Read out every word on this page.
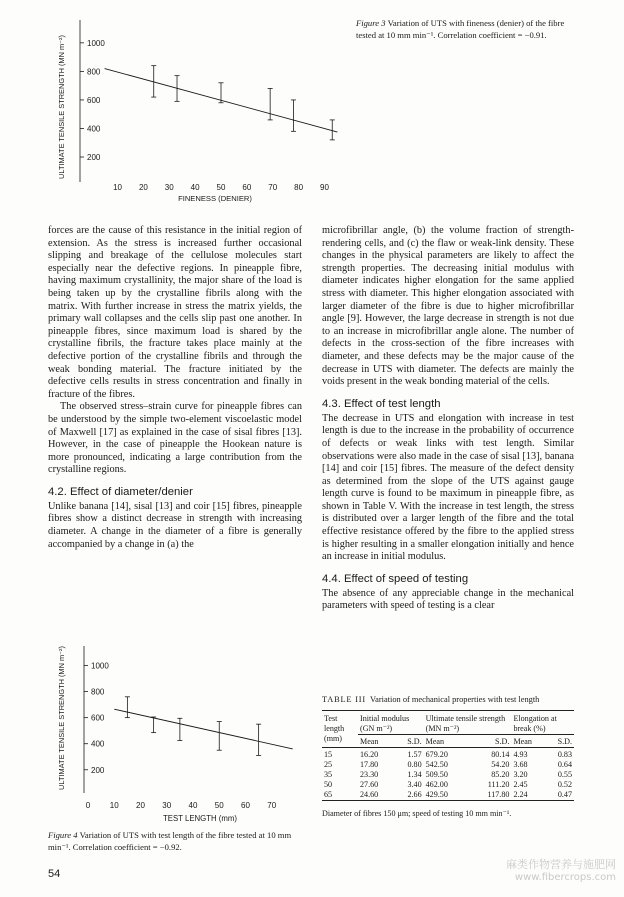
ULTIMATE TENSILE STRENGTH (MN m⁻²)	200
400
600
800
1000
10 20 30 40 50 60 70 80 90
FINENESS (DENIER)
Figure 3 Variation of UTS with fineness (denier) of the fibre tested at 10 mm min⁻¹. Correlation coefficient = −0.91.

forces are the cause of this resistance in the initial region of extension. As the stress is increased further occasional slipping and breakage of the cellulose molecules start especially near the defective regions. In pineapple fibre, having maximum crystallinity, the major share of the load is being taken up by the crystalline fibrils along with the matrix. With further increase in stress the matrix yields, the primary wall collapses and the cells slip past one another. In pineapple fibres, since maximum load is shared by the crystalline fibrils, the fracture takes place mainly at the defective portion of the crystalline fibrils and through the weak bonding material. The fracture initiated by the defective cells results in stress concentration and finally in fracture of the fibres.

The observed stress–strain curve for pineapple fibres can be understood by the simple two-element viscoelastic model of Maxwell [17] as explained in the case of sisal fibres [13]. However, in the case of pineapple the Hookean nature is more pronounced, indicating a large contribution from the crystalline regions.

4.2. Effect of diameter/denier

Unlike banana [14], sisal [13] and coir [15] fibres, pineapple fibres show a distinct decrease in strength with increasing diameter. A change in the diameter of a fibre is generally accompanied by a change in (a) the

ULTIMATE TENSILE STRENGTH (MN m⁻²)	200
400
600
800
1000
0 10 20 30 40 50 60 70
TEST LENGTH (mm)
Figure 4 Variation of UTS with test length of the fibre tested at 10 mm min⁻¹. Correlation coefficient = −0.92.
54

microfibrillar angle, (b) the volume fraction of strength-rendering cells, and (c) the flaw or weak-link density. These changes in the physical parameters are likely to affect the strength properties. The decreasing initial modulus with diameter indicates higher elongation for the same applied stress with diameter. This higher elongation associated with larger diameter of the fibre is due to higher microfibrillar angle [9]. However, the large decrease in strength is not due to an increase in microfibrillar angle alone. The number of defects in the cross-section of the fibre increases with diameter, and these defects may be the major cause of the decrease in UTS with diameter. The defects are mainly the voids present in the weak bonding material of the cells.

4.3. Effect of test length

The decrease in UTS and elongation with increase in test length is due to the increase in the probability of occurrence of defects or weak links with test length. Similar observations were also made in the case of sisal [13], banana [14] and coir [15] fibres. The measure of the defect density as determined from the slope of the UTS against gauge length curve is found to be maximum in pineapple fibre, as shown in Table V. With the increase in test length, the stress is distributed over a larger length of the fibre and the total effective resistance offered by the fibre to the applied stress is higher resulting in a smaller elongation initially and hence an increase in initial modulus.

4.4. Effect of speed of testing

The absence of any appreciable change in the mechanical parameters with speed of testing is a clear

TABLE III Variation of mechanical properties with test length
Test length (mm)	Initial modulus (GN m⁻²)		Ultimate tensile strength (MN m⁻²)		Elongation at break (%)	
	Mean	S.D.	Mean	S.D.	Mean	S.D.
15	16.20	1.57	679.20	80.14	4.93	0.83
25	17.80	0.80	542.50	54.20	3.68	0.64
35	23.30	1.34	509.50	85.20	3.20	0.55
50	27.60	3.40	462.00	111.20	2.45	0.52
65	24.60	2.66	429.50	117.80	2.24	0.47
Diameter of fibres 150 μm; speed of testing 10 mm min⁻¹.
麻类作物营养与施肥网
www.fibercrops.com
